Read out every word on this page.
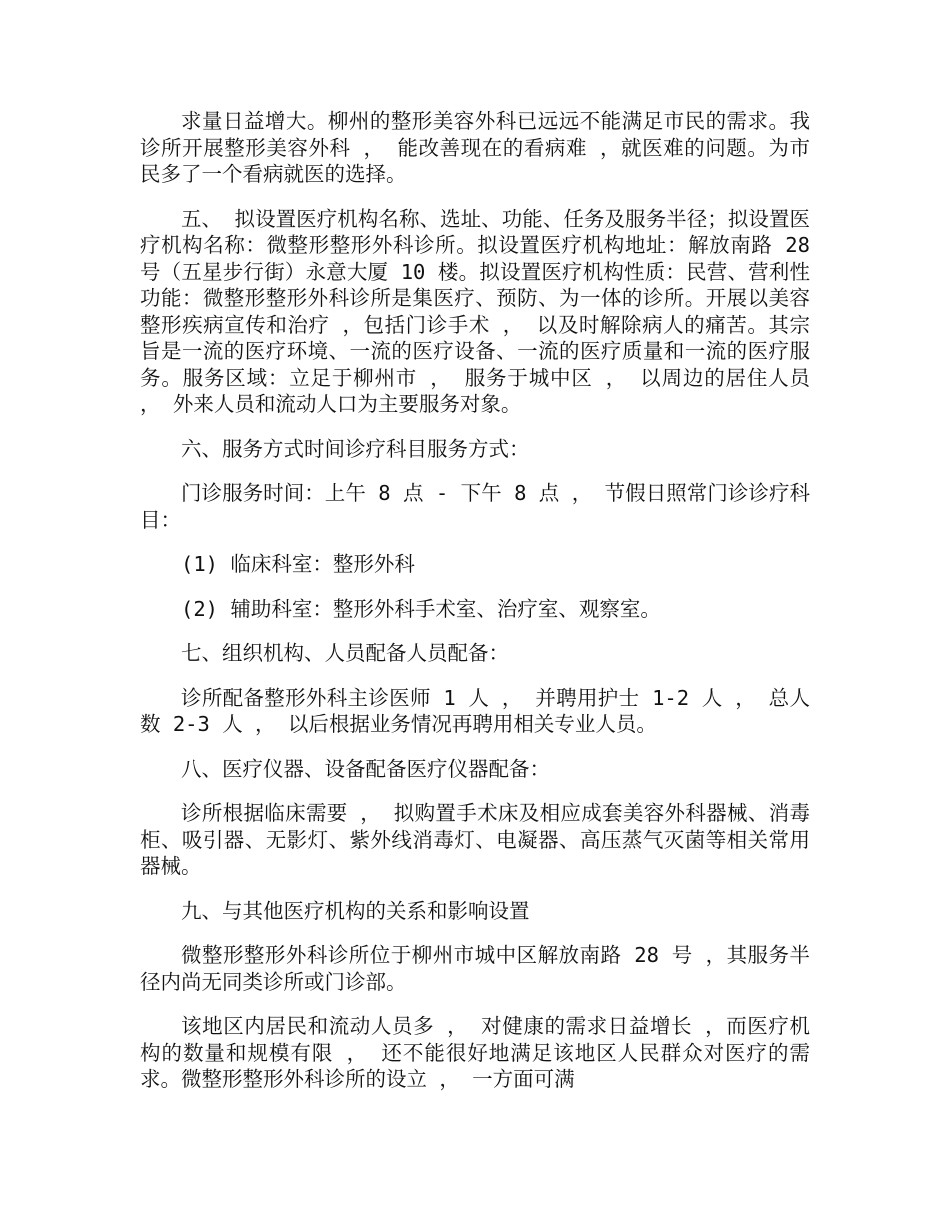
求量日益增大。柳州的整形美容外科已远远不能满足市民的需求。我诊所开展整形美容外科 ， 能改善现在的看病难 ，就医难的问题。为市民多了一个看病就医的选择。

五、 拟设置医疗机构名称、选址、功能、任务及服务半径；拟设置医疗机构名称：微整形整形外科诊所。拟设置医疗机构地址：解放南路 28 号（五星步行街）永意大厦 10 楼。拟设置医疗机构性质：民营、营利性功能：微整形整形外科诊所是集医疗、预防、为一体的诊所。开展以美容整形疾病宣传和治疗 ，包括门诊手术 ， 以及时解除病人的痛苦。其宗旨是一流的医疗环境、一流的医疗设备、一流的医疗质量和一流的医疗服务。服务区域：立足于柳州市 ， 服务于城中区 ， 以周边的居住人员 ， 外来人员和流动人口为主要服务对象。

六、服务方式时间诊疗科目服务方式：

门诊服务时间：上午 8 点 - 下午 8 点 ， 节假日照常门诊诊疗科目：

(1) 临床科室：整形外科

(2) 辅助科室：整形外科手术室、治疗室、观察室。

七、组织机构、人员配备人员配备：

诊所配备整形外科主诊医师 1 人 ， 并聘用护士 1-2 人 ， 总人数 2-3 人 ， 以后根据业务情况再聘用相关专业人员。

八、医疗仪器、设备配备医疗仪器配备：

诊所根据临床需要 ， 拟购置手术床及相应成套美容外科器械、消毒柜、吸引器、无影灯、紫外线消毒灯、电凝器、高压蒸气灭菌等相关常用器械。

九、与其他医疗机构的关系和影响设置

微整形整形外科诊所位于柳州市城中区解放南路 28 号 ，其服务半径内尚无同类诊所或门诊部。

该地区内居民和流动人员多 ， 对健康的需求日益增长 ，而医疗机构的数量和规模有限 ， 还不能很好地满足该地区人民群众对医疗的需求。微整形整形外科诊所的设立 ， 一方面可满
